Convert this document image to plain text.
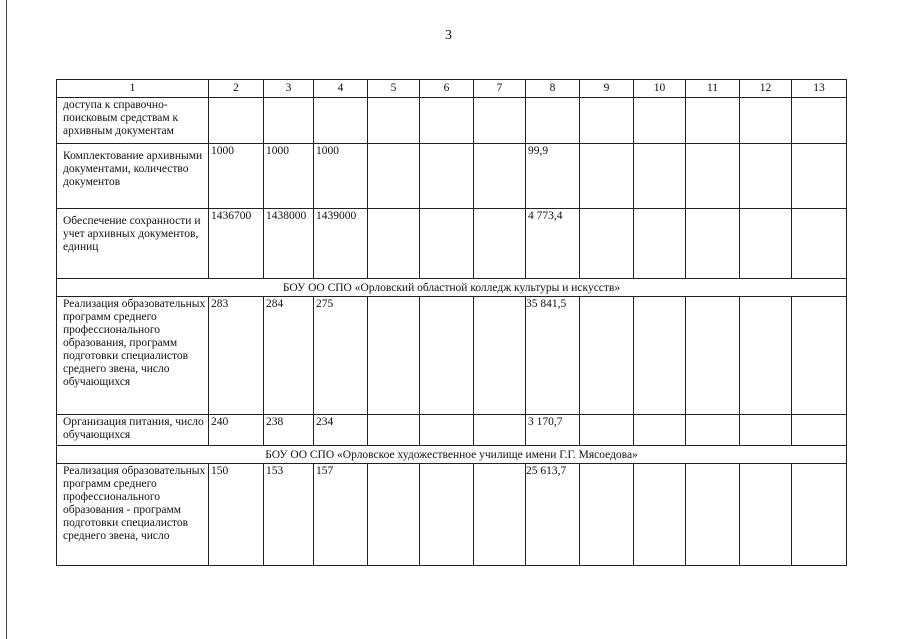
3
1	2	3	4	5	6	7	8	9	10	11	12	13
доступа к справочно-поисковым средствам к архивным документам												
Комплектование архивными документами, количество документов	1000	1000	1000				99,9					
Обеспечение сохранности и учет архивных документов, единиц	1436700	1438000	1439000				4 773,4					
БОУ ОО СПО «Орловский областной колледж культуры и искусств»												
Реализация образовательных программ среднего профессионального образования, программ подготовки специалистов среднего звена, число обучающихся	283	284	275				35 841,5					
Организация питания, число обучающихся	240	238	234				3 170,7					
БОУ ОО СПО «Орловское художественное училище имени Г.Г. Мясоедова»												
Реализация образовательных программ среднего профессионального образования - программ подготовки специалистов среднего звена, число	150	153	157				25 613,7					
